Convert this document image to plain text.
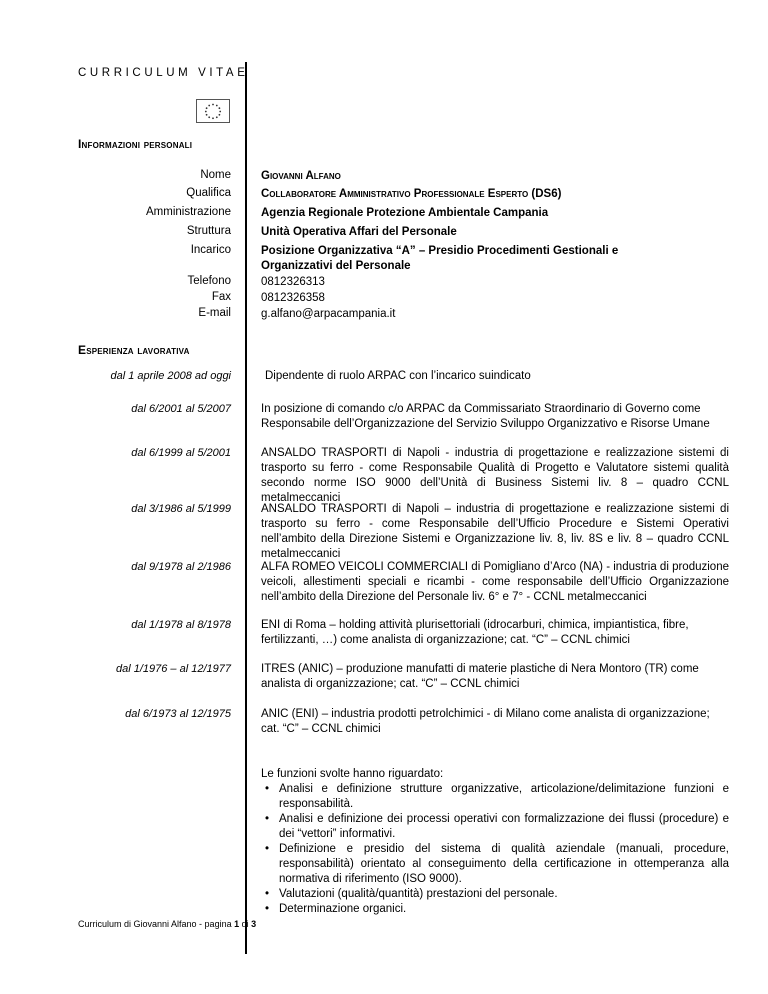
CURRICULUM VITAE
Informazioni personali
Nome	Giovanni Alfano
Qualifica	Collaboratore Amministrativo Professionale Esperto (DS6)
Amministrazione	Agenzia Regionale Protezione Ambientale Campania
Struttura	Unità Operativa Affari del Personale
Incarico	Posizione Organizzativa “A” – Presidio Procedimenti Gestionali e Organizzativi del Personale
Telefono	0812326313
Fax	0812326358
E-mail	g.alfano@arpacampania.it
Esperienza lavorativa
dal 1 aprile 2008 ad oggi	Dipendente di ruolo ARPAC con l’incarico suindicato
dal 6/2001 al 5/2007	In posizione di comando c/o ARPAC da Commissariato Straordinario di Governo come Responsabile dell’Organizzazione del Servizio Sviluppo Organizzativo e Risorse Umane
dal 6/1999 al 5/2001	ANSALDO TRASPORTI di Napoli - industria di progettazione e realizzazione sistemi di trasporto su ferro - come Responsabile Qualità di Progetto e Valutatore sistemi qualità secondo norme ISO 9000 dell’Unità di Business Sistemi liv. 8 – quadro CCNL metalmeccanici
dal 3/1986 al 5/1999	ANSALDO TRASPORTI di Napoli – industria di progettazione e realizzazione sistemi di trasporto su ferro - come Responsabile dell’Ufficio Procedure e Sistemi Operativi nell’ambito della Direzione Sistemi e Organizzazione liv. 8, liv. 8S e liv. 8 – quadro CCNL metalmeccanici
dal 9/1978 al 2/1986	ALFA ROMEO VEICOLI COMMERCIALI di Pomigliano d’Arco (NA) - industria di produzione veicoli, allestimenti speciali e ricambi - come responsabile dell’Ufficio Organizzazione nell’ambito della Direzione del Personale liv. 6° e 7° - CCNL metalmeccanici
dal 1/1978 al 8/1978	ENI di Roma – holding attività plurisettoriali (idrocarburi, chimica, impiantistica, fibre, fertilizzanti, …) come analista di organizzazione; cat. “C” – CCNL chimici
dal 1/1976 – al 12/1977	ITRES (ANIC) – produzione manufatti di materie plastiche di Nera Montoro (TR) come analista di organizzazione; cat. “C” – CCNL chimici
dal 6/1973 al 12/1975	ANIC (ENI) – industria prodotti petrolchimici - di Milano come analista di organizzazione; cat. “C” – CCNL chimici
Le funzioni svolte hanno riguardato:
• Analisi e definizione strutture organizzative, articolazione/delimitazione funzioni e responsabilità.
• Analisi e definizione dei processi operativi con formalizzazione dei flussi (procedure) e dei “vettori” informativi.
• Definizione e presidio del sistema di qualità aziendale (manuali, procedure, responsabilità) orientato al conseguimento della certificazione in ottemperanza alla normativa di riferimento (ISO 9000).
• Valutazioni (qualità/quantità) prestazioni del personale.
• Determinazione organici.
Curriculum di Giovanni Alfano - pagina 1 di 3
